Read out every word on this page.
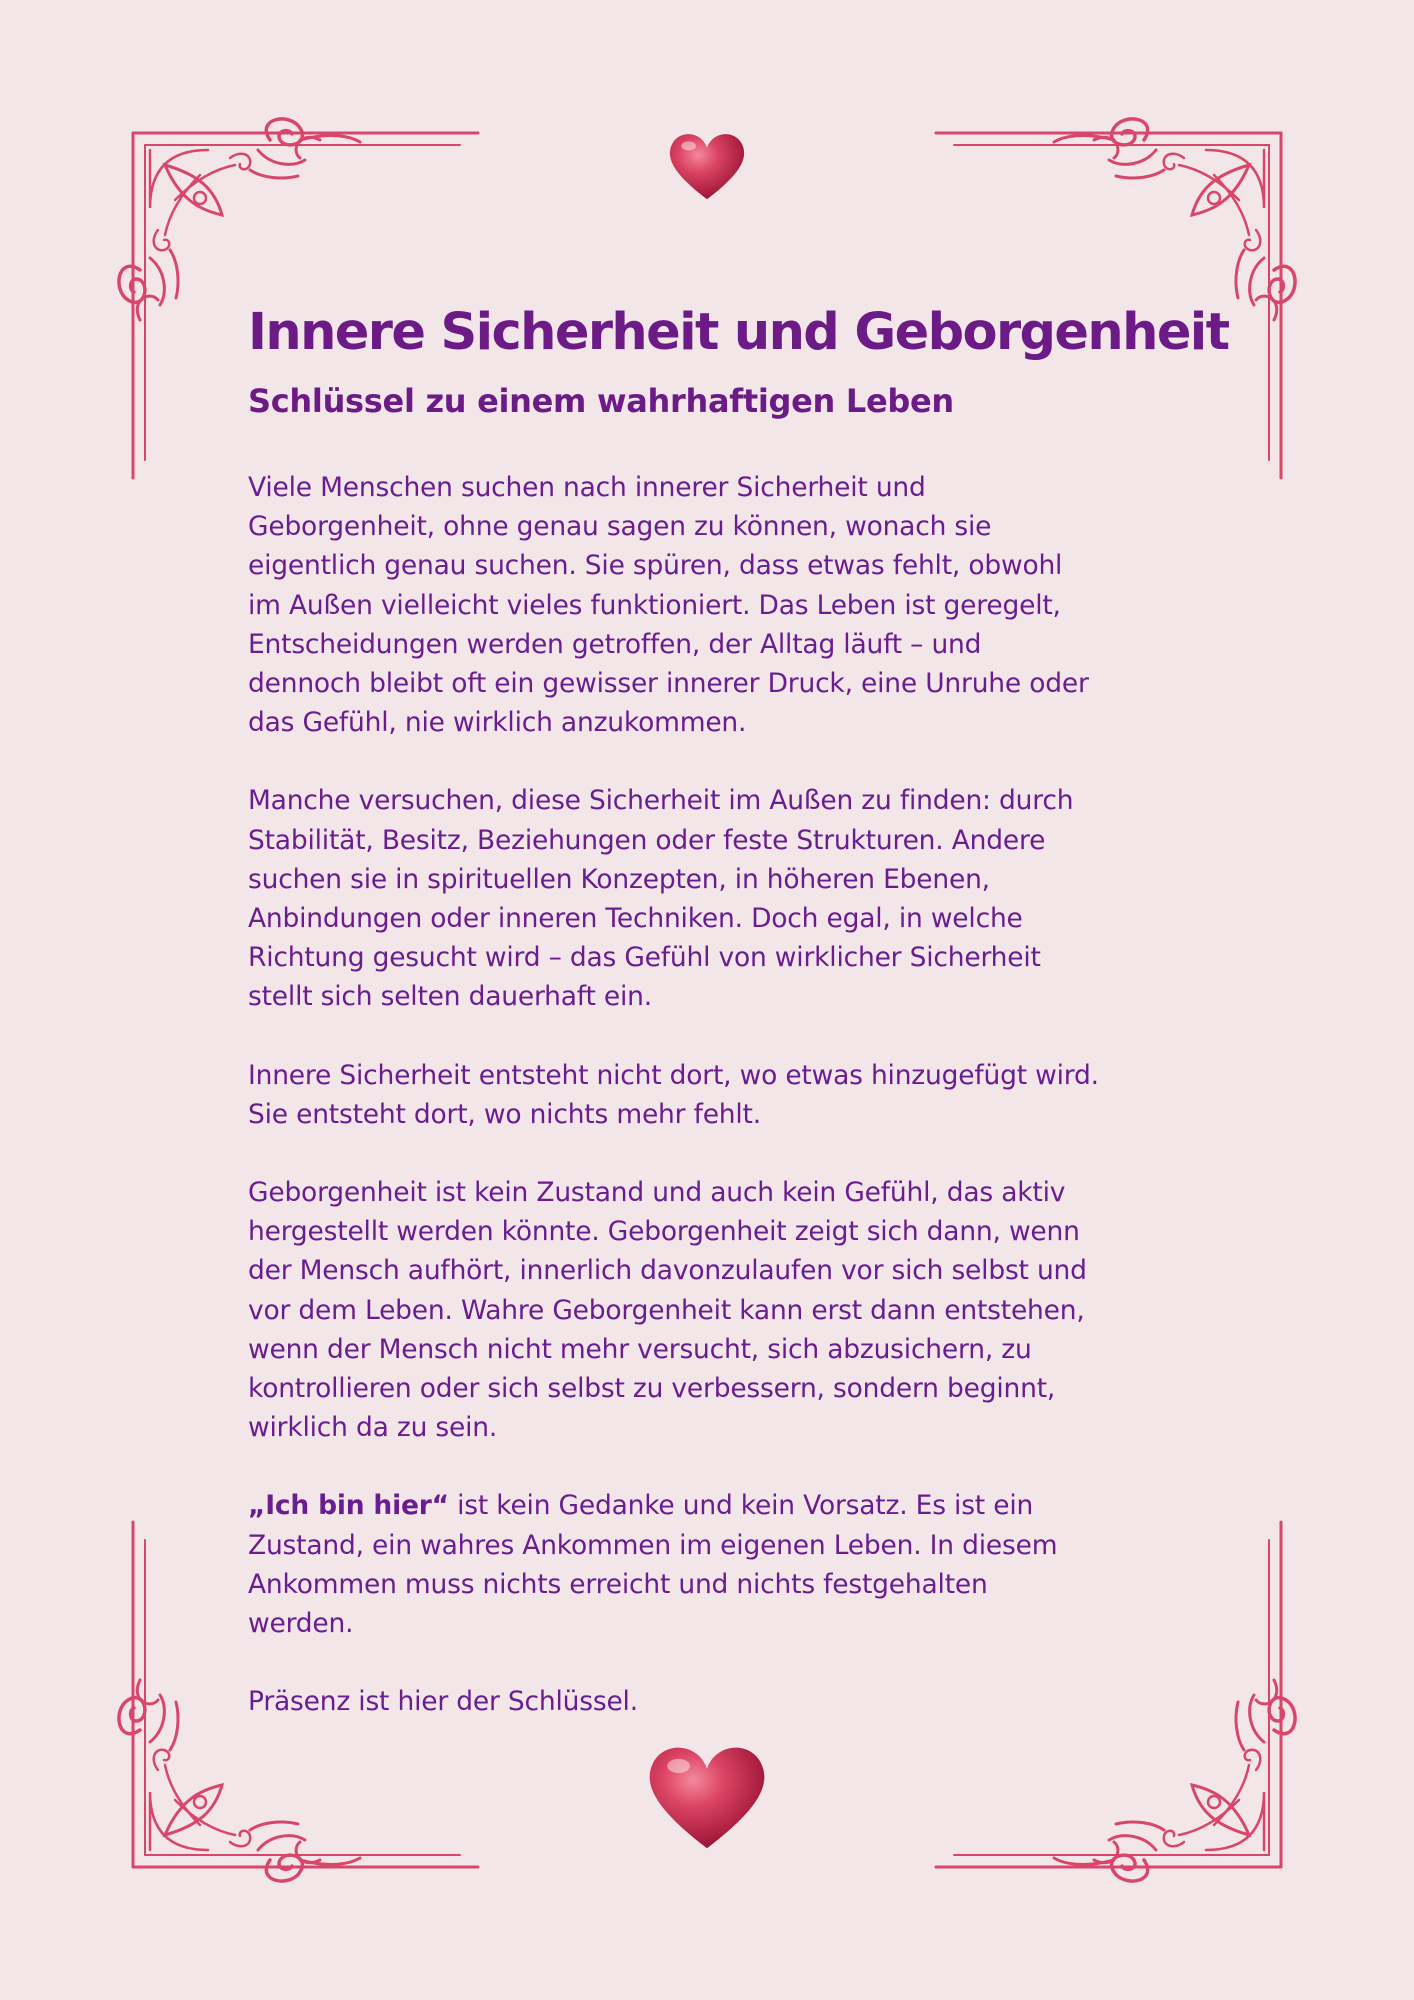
Innere Sicherheit und Geborgenheit
Schlüssel zu einem wahrhaftigen Leben

Viele Menschen suchen nach innerer Sicherheit und
Geborgenheit, ohne genau sagen zu können, wonach sie
eigentlich genau suchen. Sie spüren, dass etwas fehlt, obwohl
im Außen vielleicht vieles funktioniert. Das Leben ist geregelt,
Entscheidungen werden getroffen, der Alltag läuft – und
dennoch bleibt oft ein gewisser innerer Druck, eine Unruhe oder
das Gefühl, nie wirklich anzukommen.

Manche versuchen, diese Sicherheit im Außen zu finden: durch
Stabilität, Besitz, Beziehungen oder feste Strukturen. Andere
suchen sie in spirituellen Konzepten, in höheren Ebenen,
Anbindungen oder inneren Techniken. Doch egal, in welche
Richtung gesucht wird – das Gefühl von wirklicher Sicherheit
stellt sich selten dauerhaft ein.

Innere Sicherheit entsteht nicht dort, wo etwas hinzugefügt wird.
Sie entsteht dort, wo nichts mehr fehlt.

Geborgenheit ist kein Zustand und auch kein Gefühl, das aktiv
hergestellt werden könnte. Geborgenheit zeigt sich dann, wenn
der Mensch aufhört, innerlich davonzulaufen vor sich selbst und
vor dem Leben. Wahre Geborgenheit kann erst dann entstehen,
wenn der Mensch nicht mehr versucht, sich abzusichern, zu
kontrollieren oder sich selbst zu verbessern, sondern beginnt,
wirklich da zu sein.

„Ich bin hier“ ist kein Gedanke und kein Vorsatz. Es ist ein
Zustand, ein wahres Ankommen im eigenen Leben. In diesem
Ankommen muss nichts erreicht und nichts festgehalten
werden.

Präsenz ist hier der Schlüssel.
